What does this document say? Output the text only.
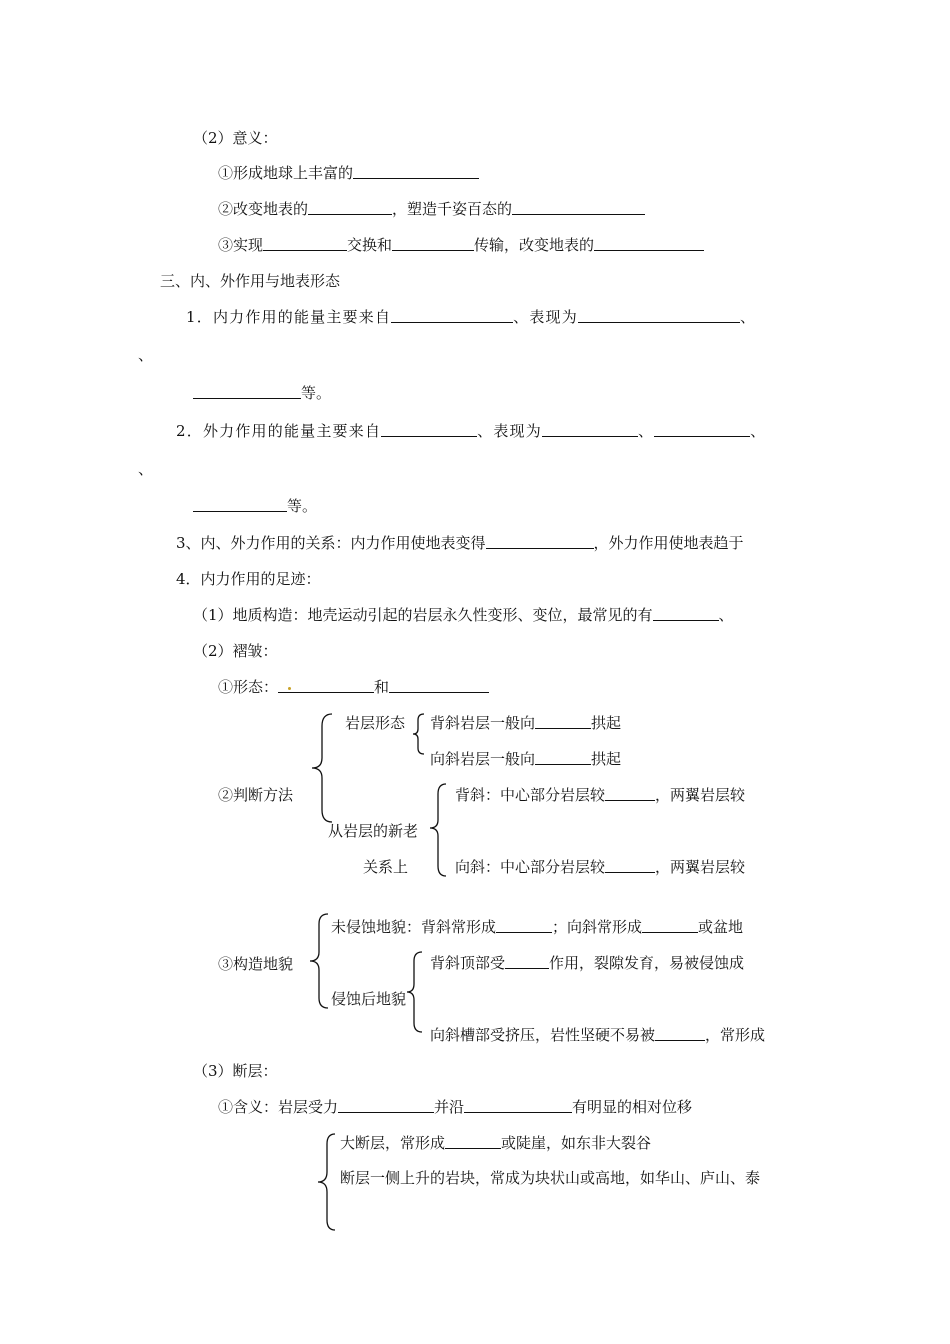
（2）意义：
①形成地球上丰富的
②改变地表的	，塑造千姿百态的
③实现	交换和	传输，改变地表的
三、内、外作用与地表形态
1．内力作用的能量主要来自	、表现为	、
、
等。
2．外力作用的能量主要来自	、表现为	、	、
、
等。
3、内、外力作用的关系：内力作用使地表变得	，外力作用使地表趋于
4．内力作用的足迹：
（1）地质构造：地壳运动引起的岩层永久性变形、变位，最常见的有	、
（2）褶皱：
①形态：	和
②判断方法
岩层形态 背斜岩层一般向	拱起
向斜岩层一般向	拱起
从岩层的新老
关系上
背斜：中心部分岩层较	，两翼岩层较
向斜：中心部分岩层较	，两翼岩层较
③构造地貌
未侵蚀地貌：背斜常形成	；向斜常形成	或盆地
侵蚀后地貌
背斜顶部受	作用，裂隙发育，易被侵蚀成
向斜槽部受挤压，岩性坚硬不易被	，常形成
（3）断层：
①含义：岩层受力	并沿	有明显的相对位移
大断层，常形成	或陡崖，如东非大裂谷
断层一侧上升的岩块，常成为块状山或高地，如华山、庐山、泰
